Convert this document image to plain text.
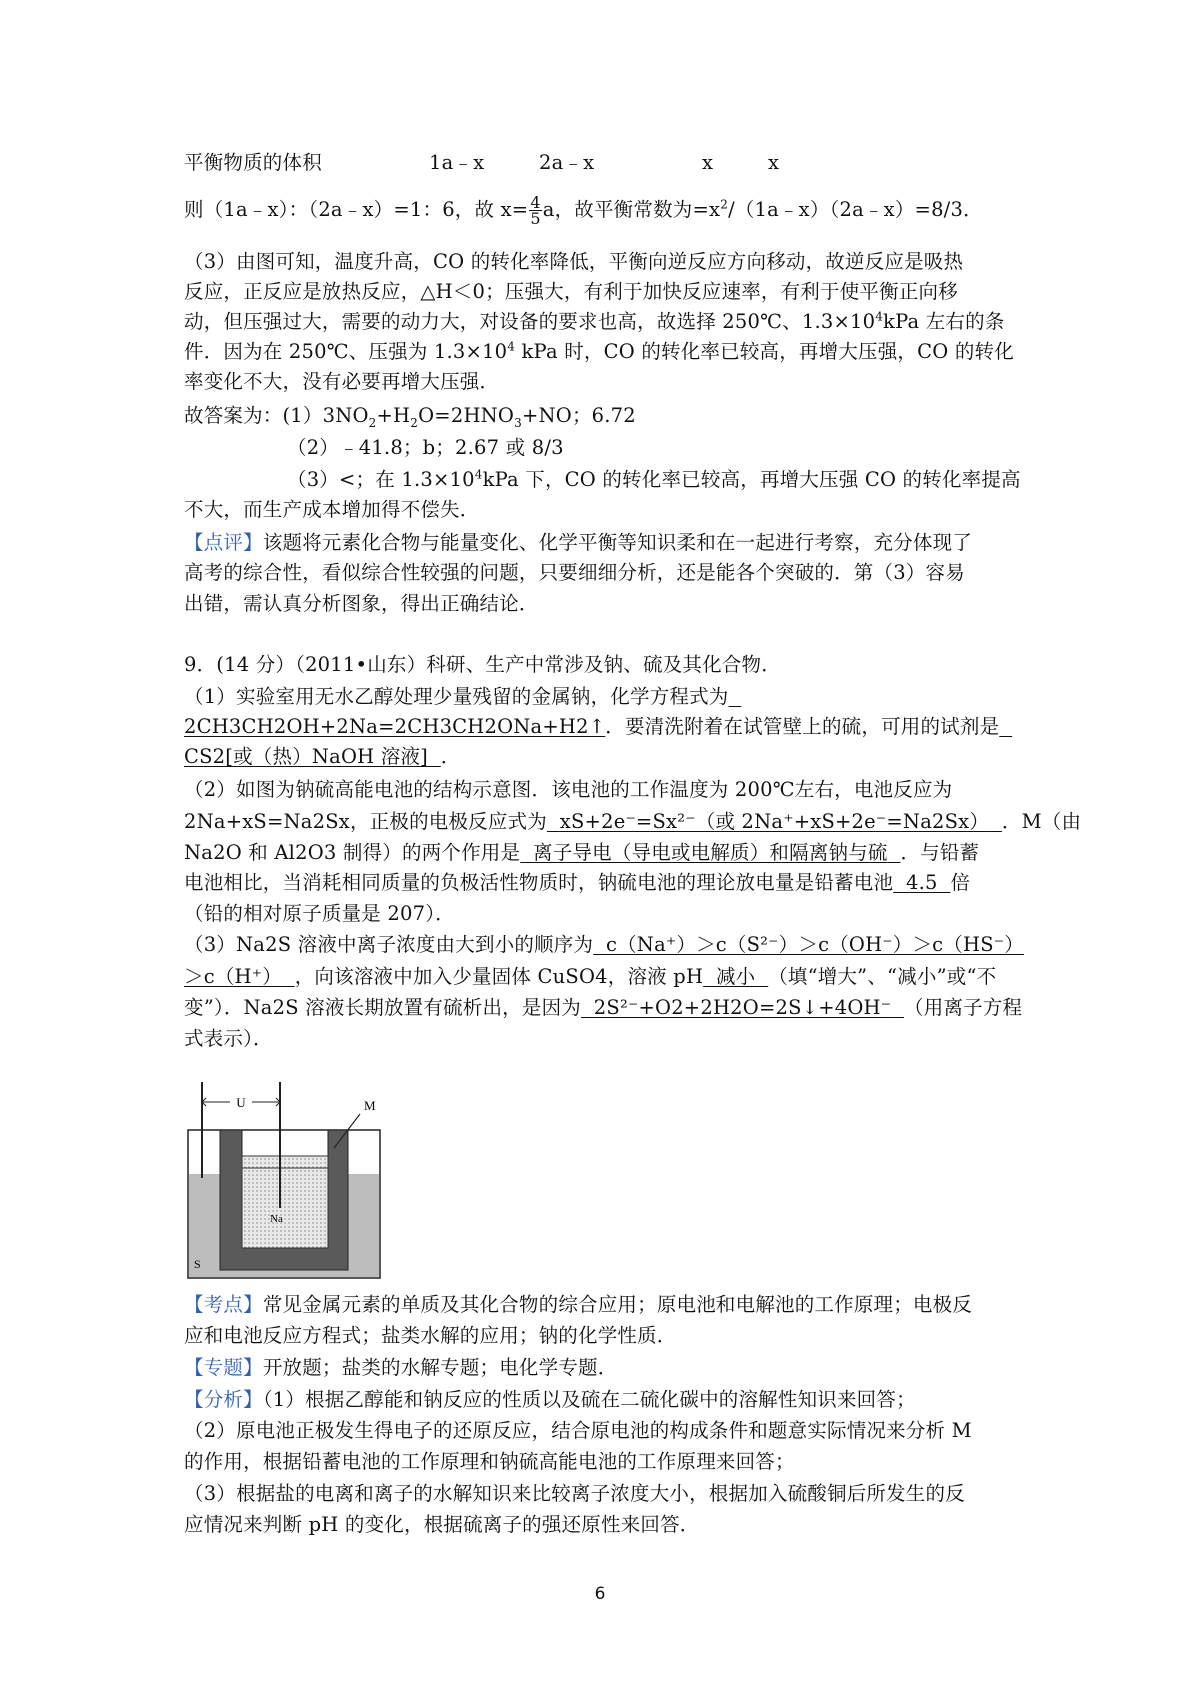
平衡物质的体积	1a﹣x	2a﹣x	x	x
则（1a﹣x）：（2a﹣x）=1：6，故 $x= \frac{4}{5}$ a，故平衡常数为$=x^2/(1a﹣x)(2a﹣x)=8/3$．
（3）由图可知，温度升高，CO 的转化率降低，平衡向逆反应方向移动，故逆反应是吸热
反应，正反应是放热反应，△H＜0；压强大，有利于加快反应速率，有利于使平衡正向移
动，但压强过大，需要的动力大，对设备的要求也高，故选择 250℃、$1.3\times 10^4kPa$ 左右的条
件．因为在 250℃、压强为 $1.3\times 10^4$ kPa 时，CO 的转化率已较高，再增大压强，CO 的转化
率变化不大，没有必要再增大压强．
故答案为：$(1)3NO_2+H_2O=2HNO_3+NO$；6.72
（2）﹣41.8；b；2.67 或 8/3
（3）<；在 $1.3\times 10^4kPa$ 下，CO 的转化率已较高，再增大压强 CO 的转化率提高
不大，而生产成本增加得不偿失．
【点评】该题将元素化合物与能量变化、化学平衡等知识柔和在一起进行考察，充分体现了
高考的综合性，看似综合性较强的问题，只要细细分析，还是能各个突破的．第（3）容易
出错，需认真分析图象，得出正确结论．
9．(14 分）（2011•山东）科研、生产中常涉及钠、硫及其化合物．
（1）实验室用无水乙醇处理少量残留的金属钠，化学方程式为
2CH3CH2OH+2Na=2CH3CH2ONa+H2↑．要清洗附着在试管壁上的硫，可用的试剂是
CS2[或（热）NaOH 溶液] ．
（2）如图为钠硫高能电池的结构示意图．该电池的工作温度为 200℃左右，电池反应为
2Na+xS=Na2Sx，正极的电极反应式为 xS+2e⁻=Sx²⁻（或 2Na⁺+xS+2e⁻=Na2Sx） ．M（由
Na2O 和 Al2O3 制得）的两个作用是 离子导电（导电或电解质）和隔离钠与硫 ．与铅蓄
电池相比，当消耗相同质量的负极活性物质时，钠硫电池的理论放电量是铅蓄电池 4.5 倍
（铅的相对原子质量是 207）．
（3）Na2S 溶液中离子浓度由大到小的顺序为 c（Na⁺）＞c（S²⁻）＞c（OH⁻）＞c（HS⁻）
＞c（H⁺） ，向该溶液中加入少量固体 CuSO4，溶液 pH 减小 （填“增大”、“减小”或“不
变”）．Na2S 溶液长期放置有硫析出，是因为 2S²⁻+O2+2H2O=2S↓+4OH⁻ （用离子方程
式表示）．
U	M
Na
S
【考点】常见金属元素的单质及其化合物的综合应用；原电池和电解池的工作原理；电极反
应和电池反应方程式；盐类水解的应用；钠的化学性质．
【专题】开放题；盐类的水解专题；电化学专题．
【分析】（1）根据乙醇能和钠反应的性质以及硫在二硫化碳中的溶解性知识来回答；
（2）原电池正极发生得电子的还原反应，结合原电池的构成条件和题意实际情况来分析 M
的作用，根据铅蓄电池的工作原理和钠硫高能电池的工作原理来回答；
（3）根据盐的电离和离子的水解知识来比较离子浓度大小，根据加入硫酸铜后所发生的反
应情况来判断 pH 的变化，根据硫离子的强还原性来回答．
6
